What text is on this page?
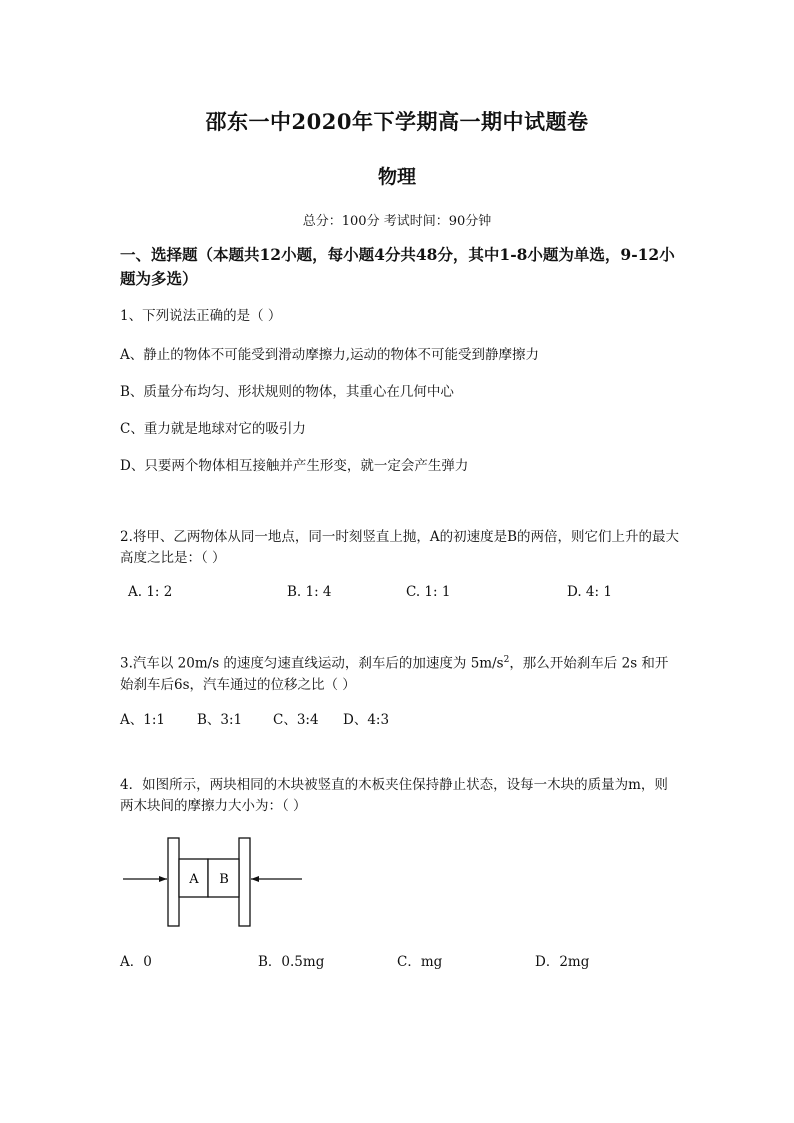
邵东一中2020年下学期高一期中试题卷
物理
总分：100分 考试时间：90分钟
一、选择题（本题共12小题，每小题4分共48分，其中1-8小题为单选，9-12小题为多选）
1、下列说法正确的是（ ）
A、静止的物体不可能受到滑动摩擦力,运动的物体不可能受到静摩擦力
B、质量分布均匀、形状规则的物体，其重心在几何中心
C、重力就是地球对它的吸引力
D、只要两个物体相互接触并产生形变，就一定会产生弹力
2.将甲、乙两物体从同一地点，同一时刻竖直上抛，A的初速度是B的两倍，则它们上升的最大高度之比是：（ ）
A. 1: 2	B. 1: 4	C. 1: 1	D. 4: 1
3.汽车以 20m/s 的速度匀速直线运动，刹车后的加速度为 $5m/s^2$，那么开始刹车后 2s 和开始刹车后6s，汽车通过的位移之比（ ）
A、1:1 B、3:1 C、3:4 D、4:3
4．如图所示，两块相同的木块被竖直的木板夹住保持静止状态，设每一木块的质量为m，则两木块间的摩擦力大小为：（ ）
A B
A．0	B．0.5mg	C．mg	D．2mg
